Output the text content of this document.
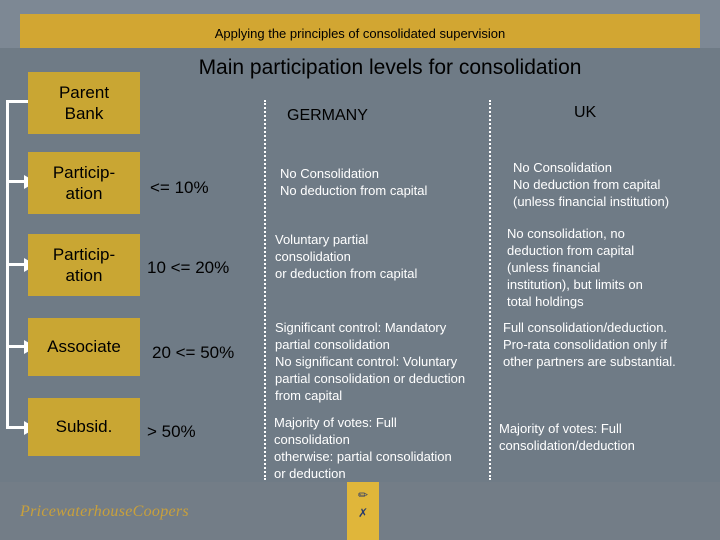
Applying the principles of consolidated supervision
Main participation levels for consolidation
Parent
Bank
Particip-
ation
Particip-
ation
Associate
Subsid.
<= 10%
10 <= 20%
20 <= 50%
> 50%
GERMANY	UK
No Consolidation
No deduction from capital
Voluntary partial
consolidation
or deduction from capital
Significant control: Mandatory
partial consolidation
No significant control: Voluntary
partial consolidation or deduction
from capital
Majority of votes: Full
consolidation
otherwise: partial consolidation
or deduction
No Consolidation
No deduction from capital
(unless financial institution)
No consolidation, no
deduction from capital
(unless financial
institution), but limits on
total holdings
Full consolidation/deduction.
Pro-rata consolidation only if
other partners are substantial.
Majority of votes: Full
consolidation/deduction
PricewaterhouseCoopers
✏
✗
